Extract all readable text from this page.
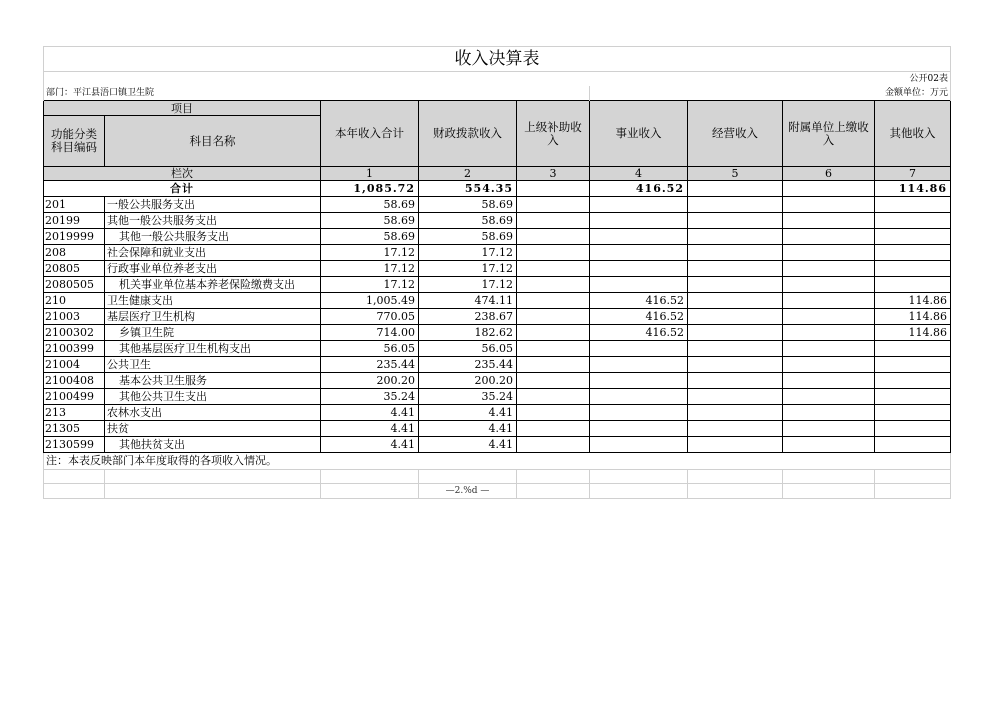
收入决算表								
公开02表								
部门：平江县浯口镇卫生院					金额单位：万元			
项目		本年收入合计	财政拨款收入	上级补助收入	事业收入	经营收入	附属单位上缴收入	其他收入
功能分类科目编码	科目名称							
栏次		1	2	3	4	5	6	7
合计		1,085.72	554.35		416.52			114.86
201	一般公共服务支出	58.69	58.69					
20199	其他一般公共服务支出	58.69	58.69					
2019999	其他一般公共服务支出	58.69	58.69					
208	社会保障和就业支出	17.12	17.12					
20805	行政事业单位养老支出	17.12	17.12					
2080505	机关事业单位基本养老保险缴费支出	17.12	17.12					
210	卫生健康支出	1,005.49	474.11		416.52			114.86
21003	基层医疗卫生机构	770.05	238.67		416.52			114.86
2100302	乡镇卫生院	714.00	182.62		416.52			114.86
2100399	其他基层医疗卫生机构支出	56.05	56.05					
21004	公共卫生	235.44	235.44					
2100408	基本公共卫生服务	200.20	200.20					
2100499	其他公共卫生支出	35.24	35.24					
213	农林水支出	4.41	4.41					
21305	扶贫	4.41	4.41					
2130599	其他扶贫支出	4.41	4.41					
注：本表反映部门本年度取得的各项收入情况。								

			—2.%d —					
